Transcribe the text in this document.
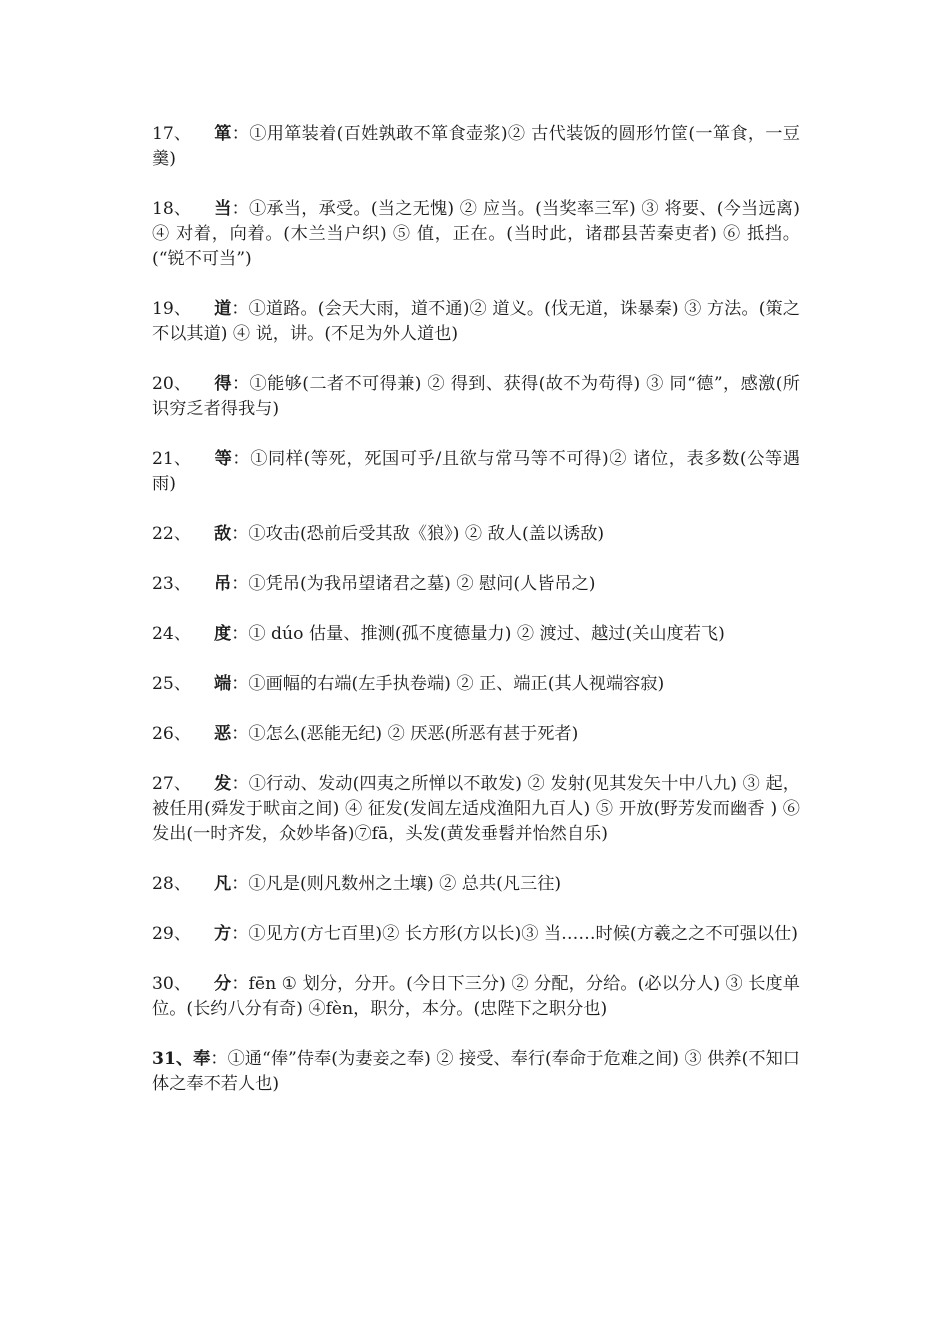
17、 箪：①用箪装着(百姓孰敢不箪食壶浆)② 古代装饭的圆形竹筐(一箪食，一豆羹)
18、 当：①承当，承受。(当之无愧) ② 应当。(当奖率三军) ③ 将要、(今当远离) ④ 对着，向着。(木兰当户织) ⑤ 值，正在。(当时此，诸郡县苦秦吏者) ⑥ 抵挡。(“锐不可当”)
19、 道：①道路。(会天大雨，道不通)② 道义。(伐无道，诛暴秦) ③ 方法。(策之不以其道) ④ 说，讲。(不足为外人道也)
20、 得：①能够(二者不可得兼) ② 得到、获得(故不为苟得) ③ 同“德”，感激(所识穷乏者得我与)
21、 等：①同样(等死，死国可乎/且欲与常马等不可得)② 诸位，表多数(公等遇雨)
22、 敌：①攻击(恐前后受其敌《狼》) ② 敌人(盖以诱敌)
23、 吊：①凭吊(为我吊望诸君之墓) ② 慰问(人皆吊之)
24、 度：① dúo 估量、推测(孤不度德量力) ② 渡过、越过(关山度若飞)
25、 端：①画幅的右端(左手执卷端) ② 正、端正(其人视端容寂)
26、 恶：①怎么(恶能无纪) ② 厌恶(所恶有甚于死者)
27、 发：①行动、发动(四夷之所惮以不敢发) ② 发射(见其发矢十中八九) ③ 起，被任用(舜发于畎亩之间) ④ 征发(发闾左适戍渔阳九百人) ⑤ 开放(野芳发而幽香 ) ⑥ 发出(一时齐发，众妙毕备)⑦fā，头发(黄发垂髫并怡然自乐)
28、 凡：①凡是(则凡数州之土壤) ② 总共(凡三往)
29、 方：①见方(方七百里)② 长方形(方以长)③ 当……时候(方羲之之不可强以仕)
30、 分：fēn ① 划分，分开。(今日下三分) ② 分配，分给。(必以分人) ③ 长度单位。(长约八分有奇) ④fèn，职分，本分。(忠陛下之职分也)
31、奉：①通“俸”侍奉(为妻妾之奉) ② 接受、奉行(奉命于危难之间) ③ 供养(不知口体之奉不若人也)
